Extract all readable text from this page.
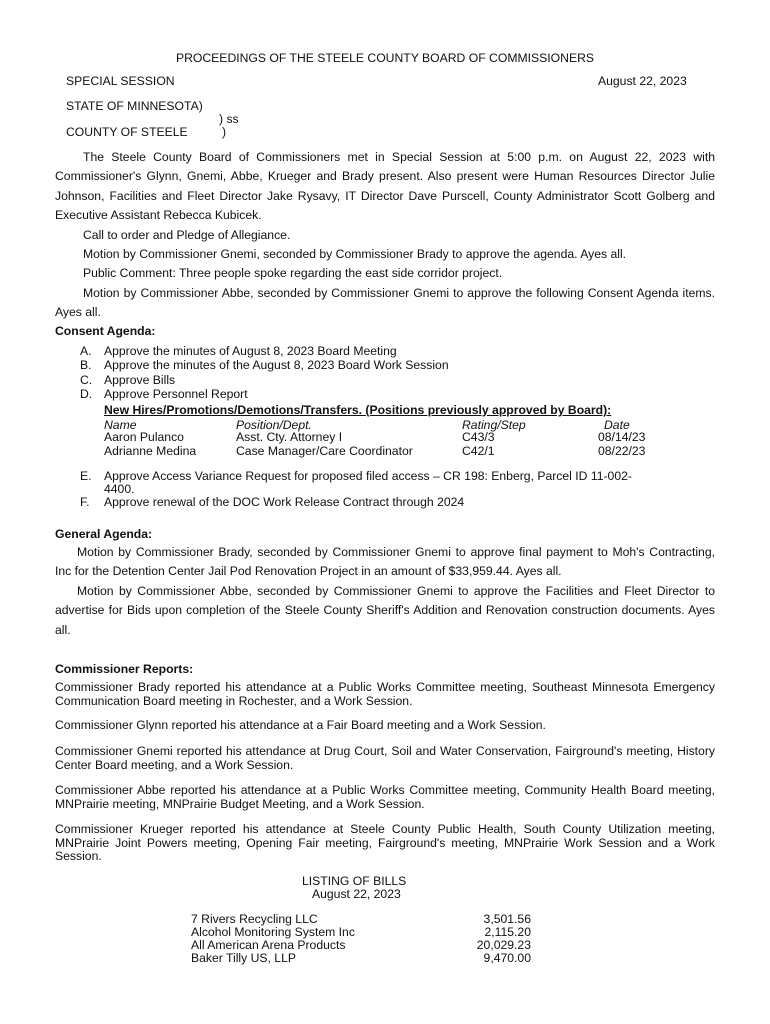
PROCEEDINGS OF THE STEELE COUNTY BOARD OF COMMISSIONERS
SPECIAL SESSION	August 22, 2023
STATE OF MINNESOTA)
) ss
COUNTY OF STEELE	)
The Steele County Board of Commissioners met in Special Session at 5:00 p.m. on August 22, 2023 with Commissioner's Glynn, Gnemi, Abbe, Krueger and Brady present. Also present were Human Resources Director Julie Johnson, Facilities and Fleet Director Jake Rysavy, IT Director Dave Purscell, County Administrator Scott Golberg and Executive Assistant Rebecca Kubicek.
Call to order and Pledge of Allegiance.
Motion by Commissioner Gnemi, seconded by Commissioner Brady to approve the agenda. Ayes all.
Public Comment: Three people spoke regarding the east side corridor project.
Motion by Commissioner Abbe, seconded by Commissioner Gnemi to approve the following Consent Agenda items. Ayes all.
Consent Agenda:
A. Approve the minutes of August 8, 2023 Board Meeting
B. Approve the minutes of the August 8, 2023 Board Work Session
C. Approve Bills
D. Approve Personnel Report
New Hires/Promotions/Demotions/Transfers. (Positions previously approved by Board):
Name	Position/Dept.	Rating/Step	Date
Aaron Pulanco	Asst. Cty. Attorney I	C43/3	08/14/23
Adrianne Medina	Case Manager/Care Coordinator	C42/1	08/22/23
E. Approve Access Variance Request for proposed filed access – CR 198: Enberg, Parcel ID 11-002-
4400.
F. Approve renewal of the DOC Work Release Contract through 2024
General Agenda:
Motion by Commissioner Brady, seconded by Commissioner Gnemi to approve final payment to Moh's Contracting, Inc for the Detention Center Jail Pod Renovation Project in an amount of $33,959.44. Ayes all.
Motion by Commissioner Abbe, seconded by Commissioner Gnemi to approve the Facilities and Fleet Director to advertise for Bids upon completion of the Steele County Sheriff's Addition and Renovation construction documents. Ayes all.
Commissioner Reports:
Commissioner Brady reported his attendance at a Public Works Committee meeting, Southeast Minnesota Emergency Communication Board meeting in Rochester, and a Work Session.
Commissioner Glynn reported his attendance at a Fair Board meeting and a Work Session.
Commissioner Gnemi reported his attendance at Drug Court, Soil and Water Conservation, Fairground's meeting, History Center Board meeting, and a Work Session.
Commissioner Abbe reported his attendance at a Public Works Committee meeting, Community Health Board meeting, MNPrairie meeting, MNPrairie Budget Meeting, and a Work Session.
Commissioner Krueger reported his attendance at Steele County Public Health, South County Utilization meeting, MNPrairie Joint Powers meeting, Opening Fair meeting, Fairground's meeting, MNPrairie Work Session and a Work Session.
LISTING OF BILLS
August 22, 2023
7 Rivers Recycling LLC	3,501.56
Alcohol Monitoring System Inc	2,115.20
All American Arena Products	20,029.23
Baker Tilly US, LLP	9,470.00
